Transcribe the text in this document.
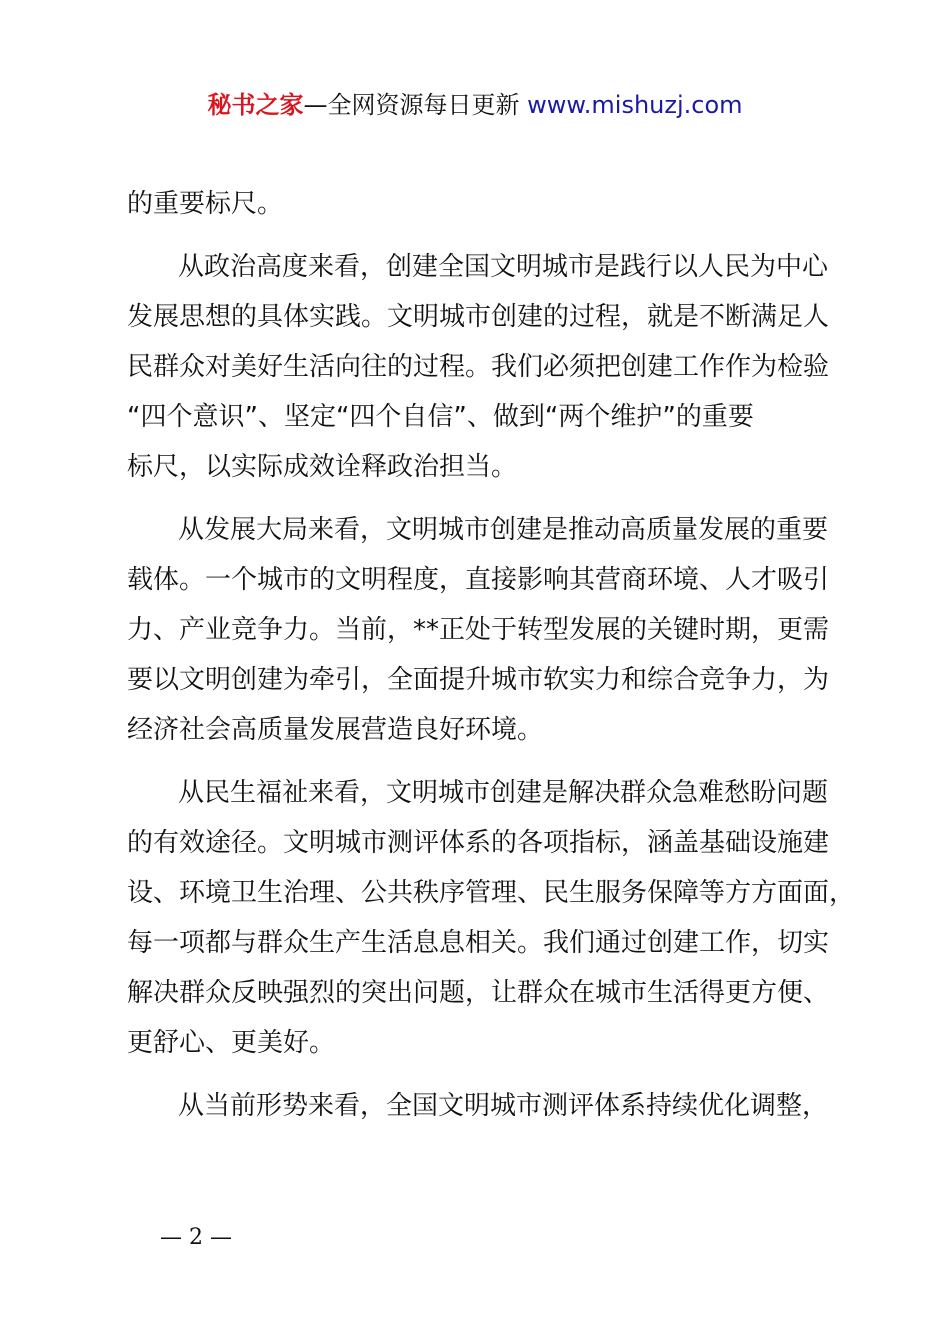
秘书之家—全网资源每日更新 www.mishuzj.com
的重要标尺。
从政治高度来看，创建全国文明城市是践行以人民为中心
发展思想的具体实践。文明城市创建的过程，就是不断满足人
民群众对美好生活向往的过程。我们必须把创建工作作为检验
“四个意识”、坚定“四个自信”、做到“两个维护”的重要
标尺，以实际成效诠释政治担当。
从发展大局来看，文明城市创建是推动高质量发展的重要
载体。一个城市的文明程度，直接影响其营商环境、人才吸引
力、产业竞争力。当前，**正处于转型发展的关键时期，更需
要以文明创建为牵引，全面提升城市软实力和综合竞争力，为
经济社会高质量发展营造良好环境。
从民生福祉来看，文明城市创建是解决群众急难愁盼问题
的有效途径。文明城市测评体系的各项指标，涵盖基础设施建
设、环境卫生治理、公共秩序管理、民生服务保障等方方面面，
每一项都与群众生产生活息息相关。我们通过创建工作，切实
解决群众反映强烈的突出问题，让群众在城市生活得更方便、
更舒心、更美好。
从当前形势来看，全国文明城市测评体系持续优化调整，
— 2 —
